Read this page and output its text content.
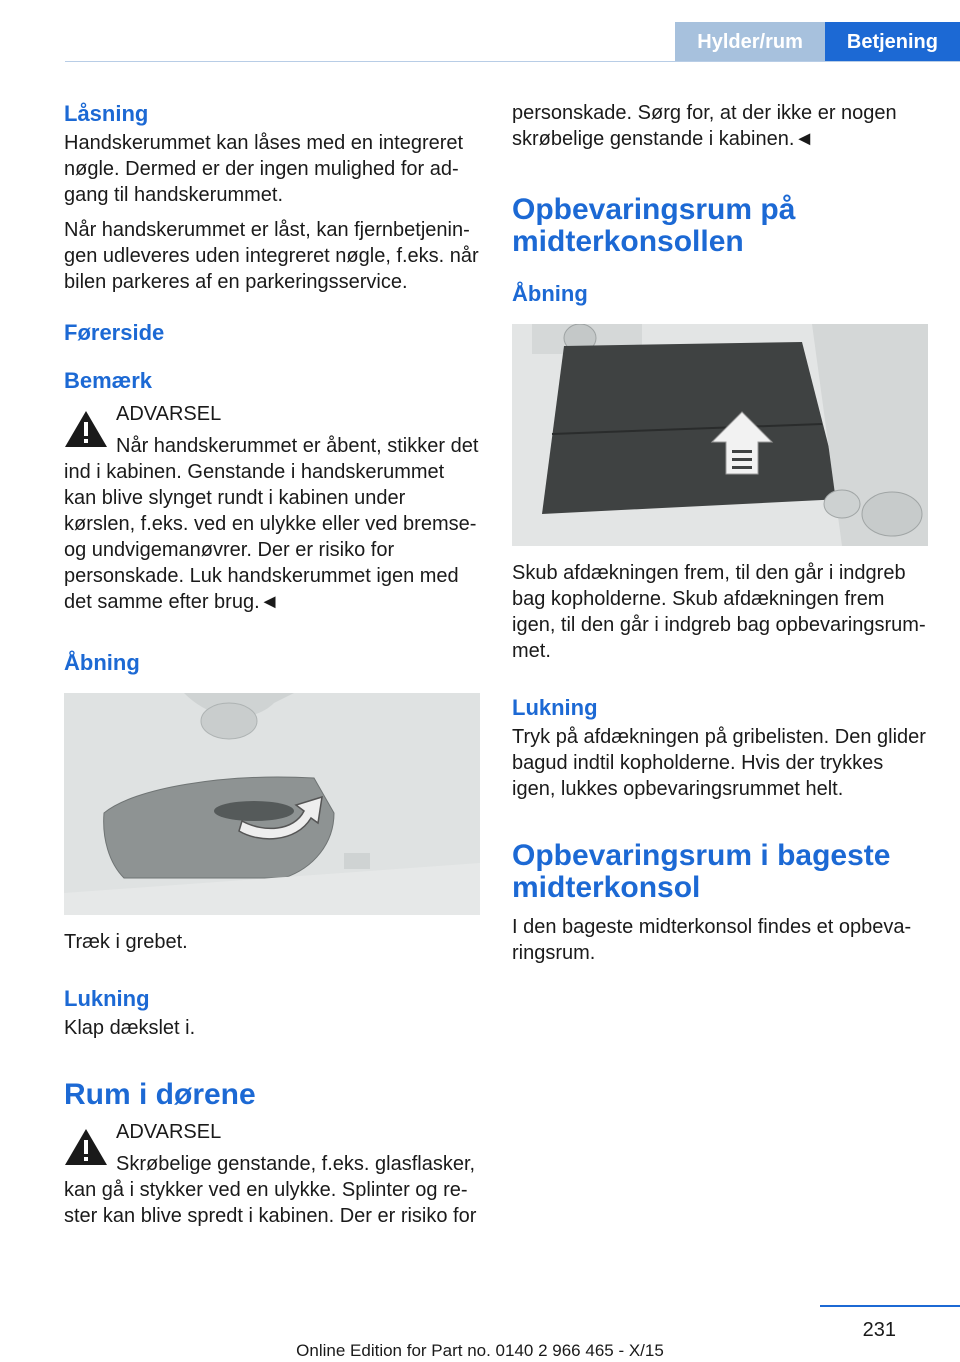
Hylder/rum	Betjening
Låsning

Handskerummet kan låses med en integreret nøgle. Dermed er der ingen mulighed for adgang til handskerummet.

Når handskerummet er låst, kan fjernbetjeningen udleveres uden integreret nøgle, f.eks. når bilen parkeres af en parkeringsservice.

Førerside
Bemærk

ADVARSEL

Når handskerummet er åbent, stikker det

ind i kabinen. Genstande i handskerummet kan blive slynget rundt i kabinen under kørslen, f.eks. ved en ulykke eller ved bremse- og undvigemanøvrer. Der er risiko for personskade. Luk handskerummet igen med det samme efter brug.◄

Åbning

Træk i grebet.

Lukning

Klap dækslet i.

Rum i dørene

ADVARSEL

Skrøbelige genstande, f.eks. glasflasker,

kan gå i stykker ved en ulykke. Splinter og rester kan blive spredt i kabinen. Der er risiko for

personskade. Sørg for, at der ikke er nogen skrøbelige genstande i kabinen.◄

Opbevaringsrum på midterkonsollen
Åbning

Skub afdækningen frem, til den går i indgreb bag kopholderne. Skub afdækningen frem igen, til den går i indgreb bag opbevaringsrummet.

Lukning

Tryk på afdækningen på gribelisten. Den glider bagud indtil kopholderne. Hvis der trykkes igen, lukkes opbevaringsrummet helt.

Opbevaringsrum i bageste midterkonsol

I den bageste midterkonsol findes et opbevaringsrum.

231
Online Edition for Part no. 0140 2 966 465 - X/15
